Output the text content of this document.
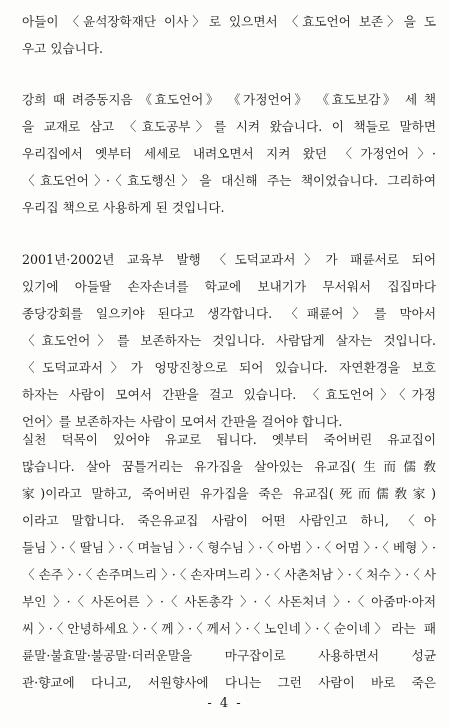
아들이 〈윤석장학재단 이사〉로 있으면서 〈효도언어 보존〉을 도
우고 있습니다.
강희 때 려증동지음 《효도언어》 《가정언어》 《효도보감》 세 책
을 교재로 삼고 〈효도공부〉를 시켜 왔습니다. 이 책들로 말하면
우리집에서 옛부터 세세로 내려오면서 지켜 왔던 〈가정언어〉·
〈효도언어〉·〈효도행신〉을 대신해 주는 책이었습니다. 그리하여
우리집 책으로 사용하게 된 것입니다.
2001년·2002년 교육부 발행 〈도덕교과서〉가 패륜서로 되어
있기에 아들딸 손자손녀를 학교에 보내기가 무서워서 집집마다
종당강회를 일으키야 된다고 생각합니다. 〈패륜어〉를 막아서
〈효도언어〉를 보존하자는 것입니다. 사람답게 살자는 것입니다.
〈도덕교과서〉가 엉망진창으로 되어 있습니다. 자연환경을 보호
하자는 사람이 모여서 간판을 걸고 있습니다. 〈효도언어〉〈가정
언어〉를 보존하자는 사람이 모여서 간판을 걸어야 합니다.
실천 덕목이 있어야 유교로 됩니다. 옛부터 죽어버린 유교집이
많습니다. 살아 꿈틀거리는 유가집을 살아있는 유교집(生而儒敎
家)이라고 말하고, 죽어버린 유가집을 죽은 유교집(死而儒敎家)
이라고 말합니다. 죽은유교집 사람이 어떤 사람인고 하니, 〈아
들님〉·〈딸님〉·〈며늘님〉·〈형수님〉·〈아범〉·〈어멈〉·〈베형〉·
〈손주〉·〈손주며느리〉·〈손자며느리〉·〈사촌처남〉·〈처수〉·〈사
부인〉·〈사돈어른〉·〈사돈총각〉·〈사돈처녀〉·〈아줌마·아저
씨〉·〈안녕하세요〉·〈께〉·〈께서〉·〈노인네〉·〈순이네〉라는 패
륜말·불효말·불공말·더러운말을 마구잡이로 사용하면서 성균
관·향교에 다니고, 서원향사에 다니는 그런 사람이 바로 죽은
- 4 -
